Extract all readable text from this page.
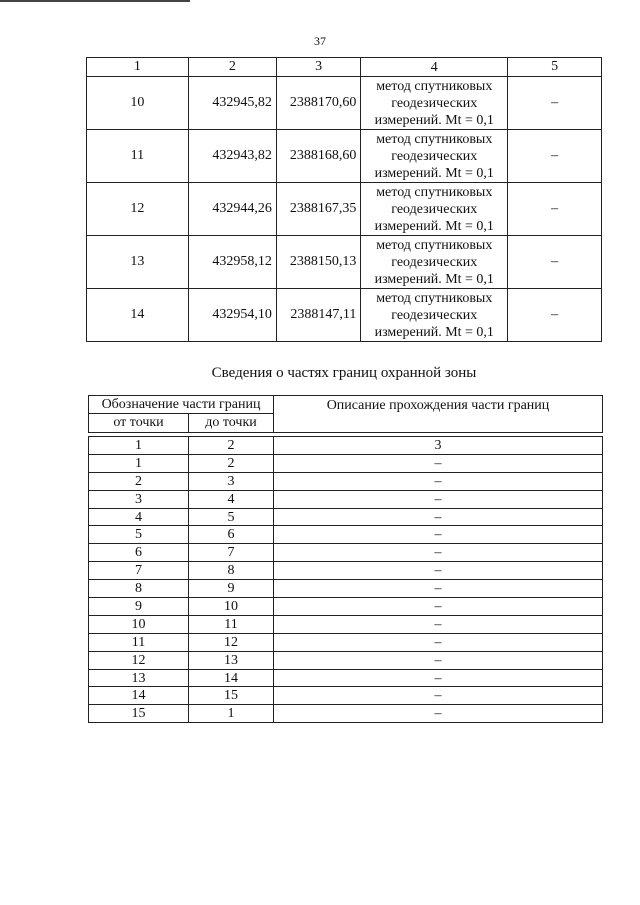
37
1	2	3	4	5
10	432945,82	2388170,60	метод спутниковых
геодезических
измерений. Mt = 0,1	–
11	432943,82	2388168,60	метод спутниковых
геодезических
измерений. Mt = 0,1	–
12	432944,26	2388167,35	метод спутниковых
геодезических
измерений. Mt = 0,1	–
13	432958,12	2388150,13	метод спутниковых
геодезических
измерений. Mt = 0,1	–
14	432954,10	2388147,11	метод спутниковых
геодезических
измерений. Mt = 0,1	–
Сведения о частях границ охранной зоны
Обозначение части границ		Описание прохождения части границ
от точки	до точки	

1	2	3
1	2	–
2	3	–
3	4	–
4	5	–
5	6	–
6	7	–
7	8	–
8	9	–
9	10	–
10	11	–
11	12	–
12	13	–
13	14	–
14	15	–
15	1	–
